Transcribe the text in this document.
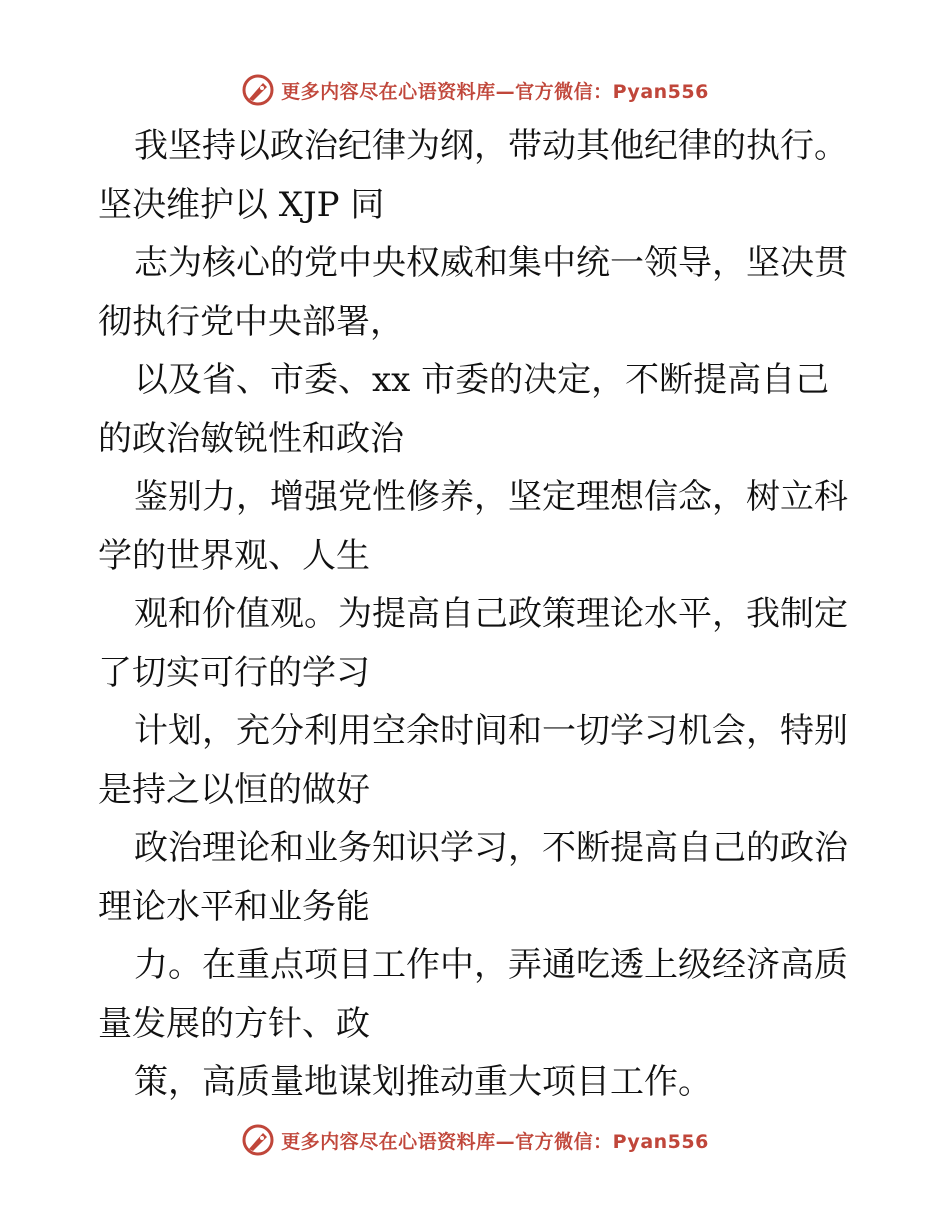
更多内容尽在心语资料库—官方微信：Pyan556

我坚持以政治纪律为纲，带动其他纪律的执行。
坚决维护以 XJP 同

志为核心的党中央权威和集中统一领导，坚决贯
彻执行党中央部署，

以及省、市委、xx 市委的决定，不断提高自己
的政治敏锐性和政治

鉴别力，增强党性修养，坚定理想信念，树立科
学的世界观、人生

观和价值观。为提高自己政策理论水平，我制定
了切实可行的学习

计划，充分利用空余时间和一切学习机会，特别
是持之以恒的做好

政治理论和业务知识学习，不断提高自己的政治
理论水平和业务能

力。在重点项目工作中，弄通吃透上级经济高质
量发展的方针、政

策，高质量地谋划推动重大项目工作。

更多内容尽在心语资料库—官方微信：Pyan556
